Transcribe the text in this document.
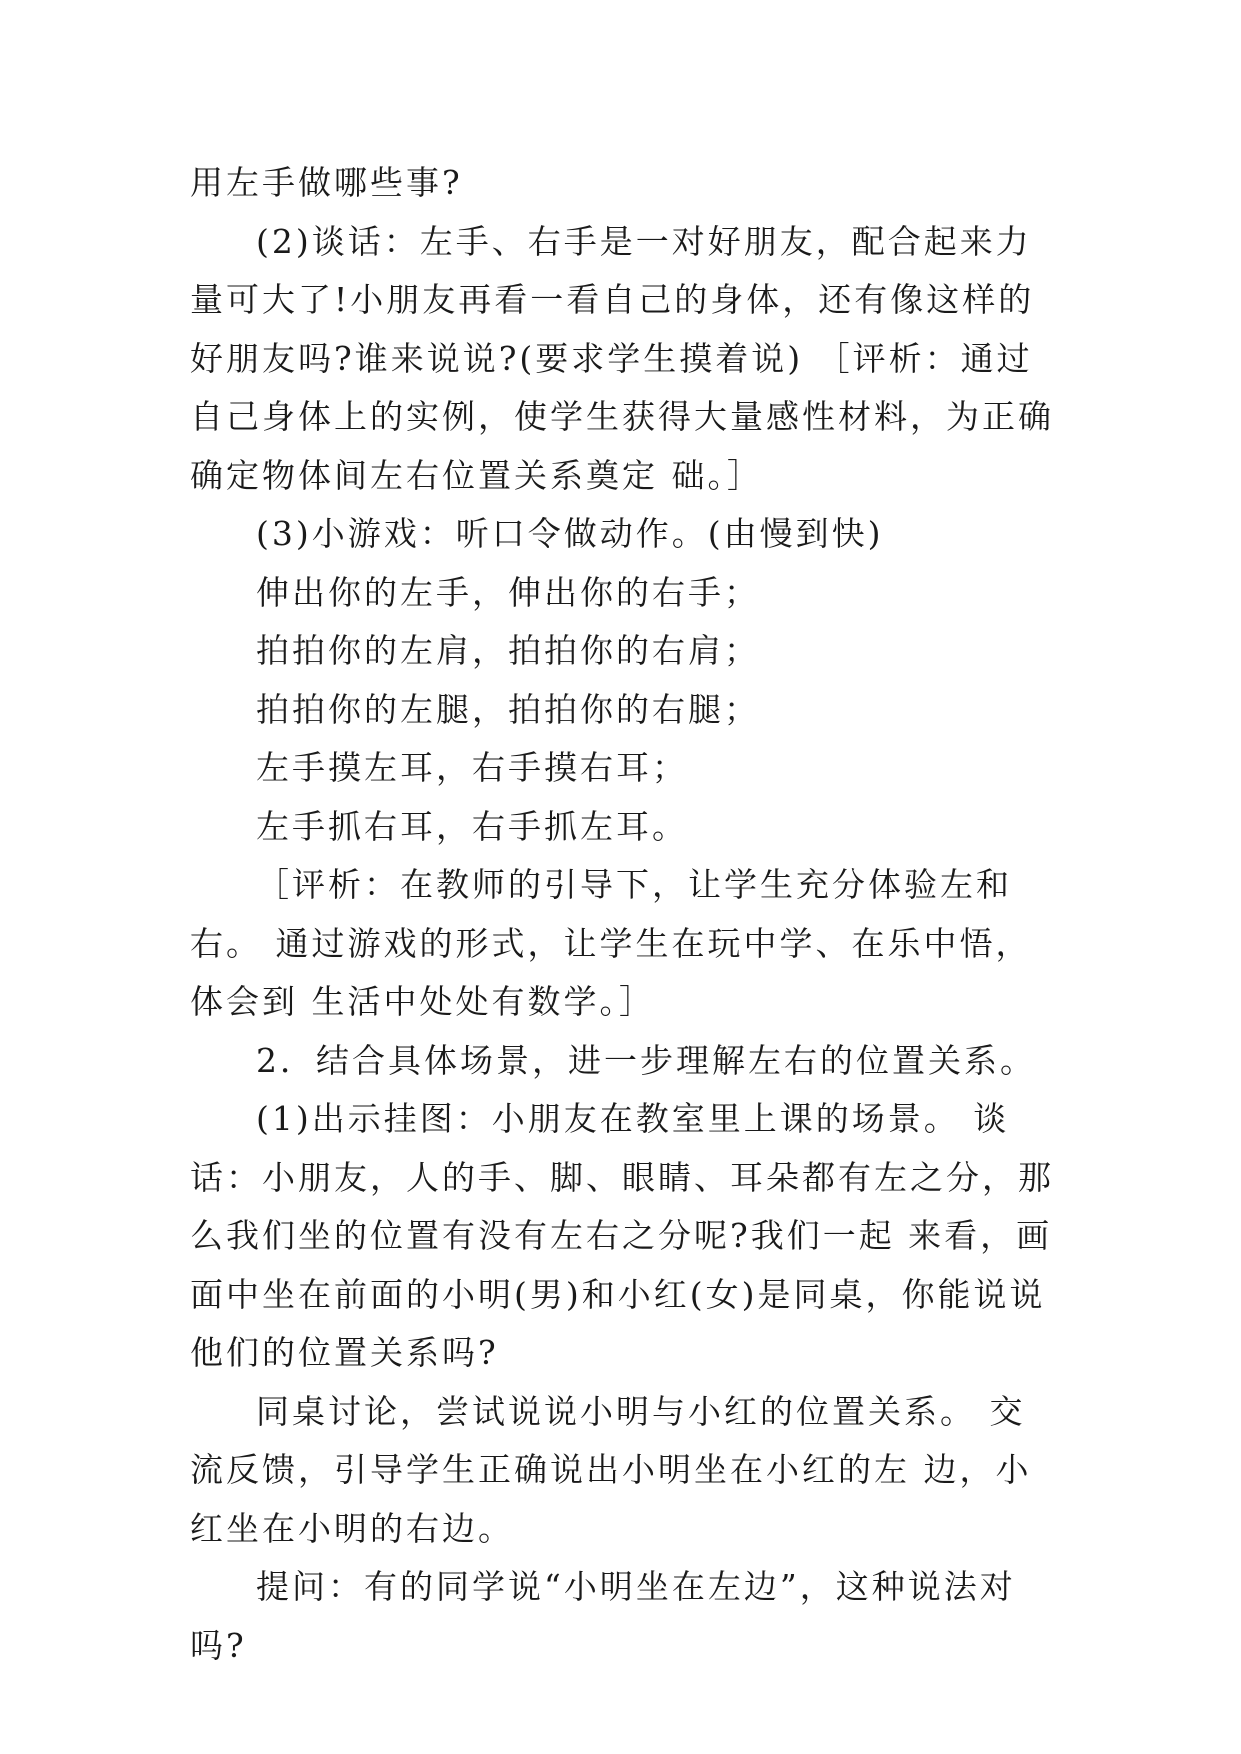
用左手做哪些事?

(2)谈话：左手、右手是一对好朋友，配合起来力 量可大了!小朋友再看一看自己的身体，还有像这样的好朋友吗?谁来说说?(要求学生摸着说) ［评析：通过自己身体上的实例，使学生获得大量感性材料，为正确确定物体间左右位置关系奠定 础。］

(3)小游戏：听口令做动作。(由慢到快)

伸出你的左手，伸出你的右手；

拍拍你的左肩，拍拍你的右肩；

拍拍你的左腿，拍拍你的右腿；

左手摸左耳，右手摸右耳；

左手抓右耳，右手抓左耳。

［评析：在教师的引导下，让学生充分体验左和右。 通过游戏的形式，让学生在玩中学、在乐中悟，体会到 生活中处处有数学。］

2．结合具体场景，进一步理解左右的位置关系。

(1)出示挂图：小朋友在教室里上课的场景。 谈话：小朋友，人的手、脚、眼睛、耳朵都有左之分，那么我们坐的位置有没有左右之分呢?我们一起 来看，画面中坐在前面的小明(男)和小红(女)是同桌，你能说说他们的位置关系吗?

同桌讨论，尝试说说小明与小红的位置关系。 交流反馈，引导学生正确说出小明坐在小红的左 边，小红坐在小明的右边。

提问：有的同学说“小明坐在左边”，这种说法对 吗?
